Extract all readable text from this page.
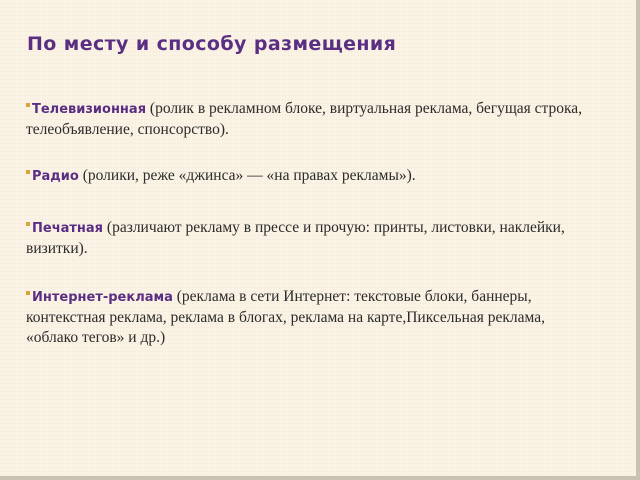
По месту и способу размещения

Телевизионная (ролик в рекламном блоке, виртуальная реклама, бегущая строка, телеобъявление, спонсорство).

Радио (ролики, реже «джинса» — «на правах рекламы»).

Печатная (различают рекламу в прессе и прочую: принты, листовки, наклейки, визитки).

Интернет-реклама (реклама в сети Интернет: текстовые блоки, баннеры, контекстная реклама, реклама в блогах, реклама на карте,Пиксельная реклама, «облако тегов» и др.)
